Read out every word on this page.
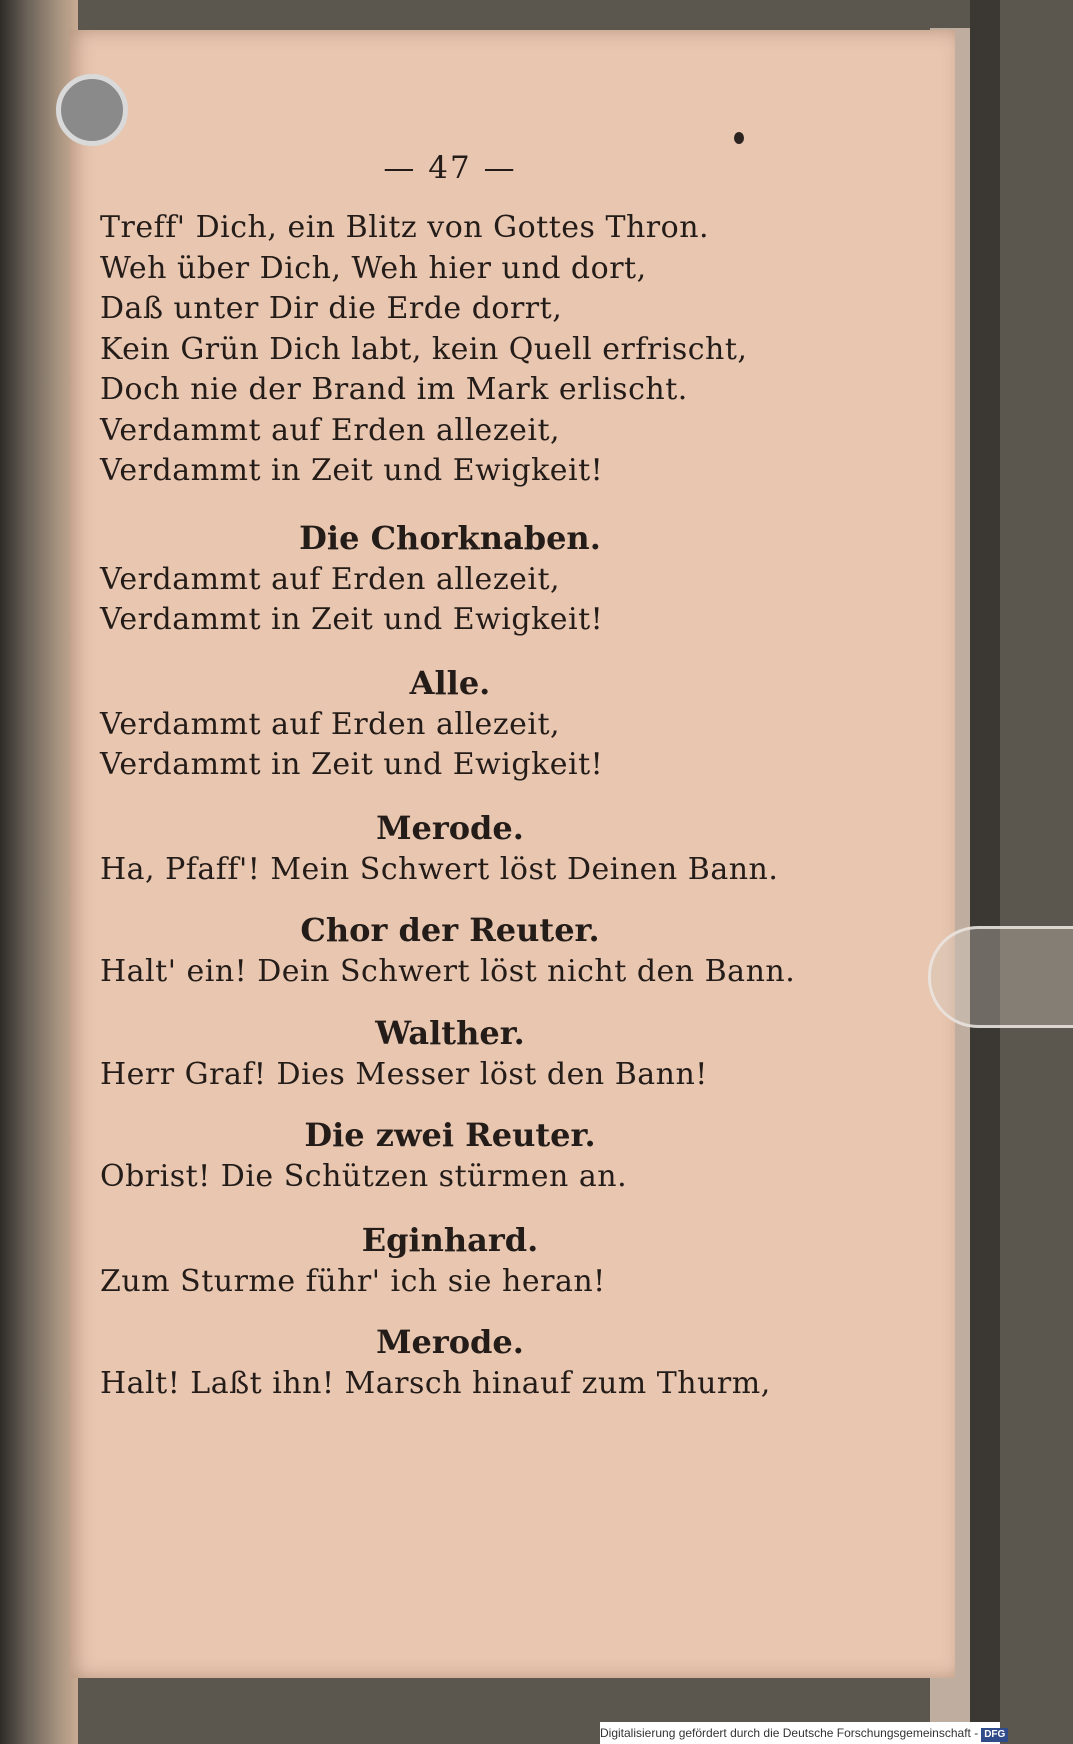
— 47 —
Treff' Dich, ein Blitz von Gottes Thron.
Weh über Dich, Weh hier und dort,
Daß unter Dir die Erde dorrt,
Kein Grün Dich labt, kein Quell erfrischt,
Doch nie der Brand im Mark erlischt.
Verdammt auf Erden allezeit,
Verdammt in Zeit und Ewigkeit!
Die Chorknaben.
Verdammt auf Erden allezeit,
Verdammt in Zeit und Ewigkeit!
Alle.
Verdammt auf Erden allezeit,
Verdammt in Zeit und Ewigkeit!
Merode.
Ha, Pfaff'! Mein Schwert löst Deinen Bann.
Chor der Reuter.
Halt' ein! Dein Schwert löst nicht den Bann.
Walther.
Herr Graf! Dies Messer löst den Bann!
Die zwei Reuter.
Obrist! Die Schützen stürmen an.
Eginhard.
Zum Sturme führ' ich sie heran!
Merode.
Halt! Laßt ihn! Marsch hinauf zum Thurm,
Digitalisierung gefördert durch die Deutsche Forschungsgemeinschaft - DFG
